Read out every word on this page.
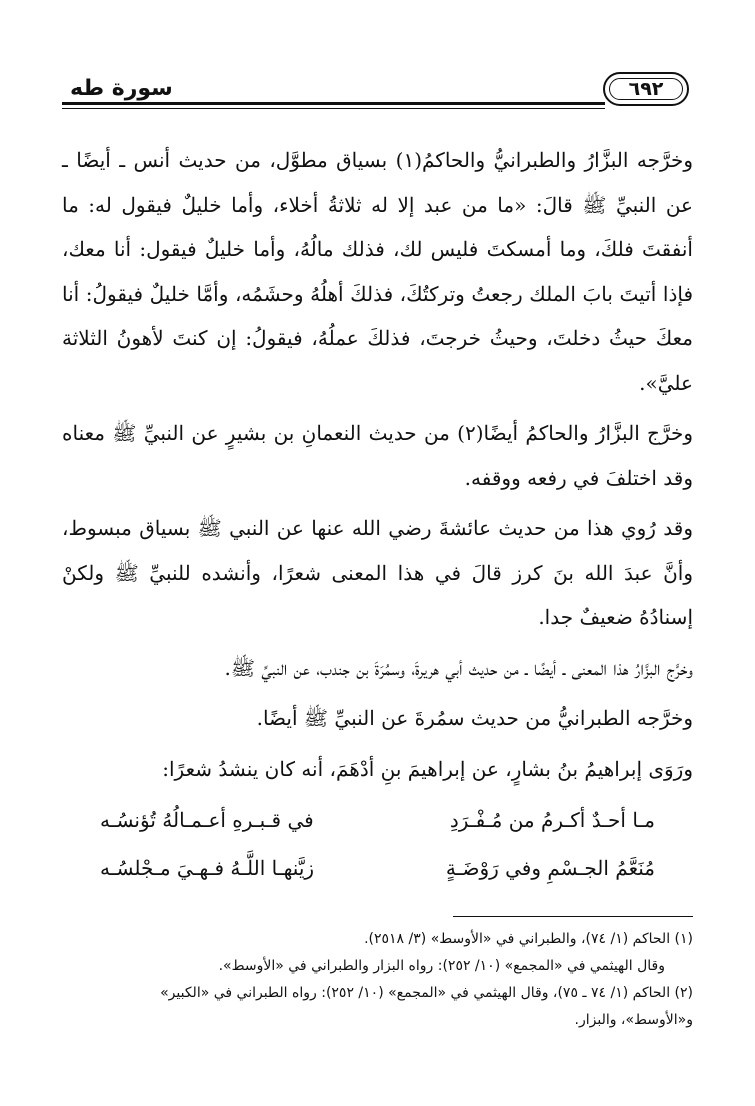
سورة طه	٦٩٢

وخرَّجه البزَّارُ والطبرانيُّ والحاكمُ(١) بسياق مطوَّل، من حديث أنس ـ أيضًا ـ عن النبيِّ ﷺ قالَ: «ما من عبد إلا له ثلاثةُ أخلاء، وأما خليلٌ فيقول له: ما أنفقتَ فلكَ، وما أمسكتَ فليس لك، فذلك مالُهُ، وأما خليلٌ فيقول: أنا معك، فإذا أتيتَ بابَ الملك رجعتُ وتركتُكَ، فذلكَ أهلُهُ وحشَمُه، وأمَّا خليلٌ فيقولُ: أنا معكَ حيثُ دخلتَ، وحيثُ خرجتَ، فذلكَ عملُهُ، فيقولُ: إن كنتَ لأهونُ الثلاثة عليَّ».

وخرَّج البزَّارُ والحاكمُ أيضًا(٢) من حديث النعمانِ بن بشيرٍ عن النبيِّ ﷺ معناه وقد اختلفَ في رفعه ووقفه.

وقد رُوي هذا من حديث عائشةَ رضي الله عنها عن النبي ﷺ بسياق مبسوط، وأنَّ عبدَ الله بنَ كرز قالَ في هذا المعنى شعرًا، وأنشده للنبيِّ ﷺ ولكنْ إسنادُهُ ضعيفٌ جدا.

وخرَّج البزَّارُ هذا المعنى ـ أيضًا ـ من حديث أبي هريرةَ، وسمُرَةَ بن جندب، عن النبيِّ ﷺ.

وخرَّجه الطبرانيُّ من حديث سمُرةَ عن النبيِّ ﷺ أيضًا.

ورَوَى إبراهيمُ بنُ بشارٍ، عن إبراهيمَ بنِ أدْهَمَ، أنه كان ينشدُ شعرًا:

مـا أحـدٌ أكـرمُ من مُـفْـرَدِ
في قـبـرهِ أعـمـالُهُ تُؤنسُـه
مُنَعَّمُ الجـسْمِ وفي رَوْضَـةٍ
زيَّنهـا اللَّـهُ فـهـيَ مـجْلسُـه

(١) الحاكم (١/ ٧٤)، والطبراني في «الأوسط» (٣/ ٢٥١٨).

وقال الهيثمي في «المجمع» (١٠/ ٢٥٢): رواه البزار والطبراني في «الأوسط».

(٢) الحاكم (١/ ٧٤ ـ ٧٥)، وقال الهيثمي في «المجمع» (١٠/ ٢٥٢): رواه الطبراني في «الكبير»

و«الأوسط»، والبزار.
